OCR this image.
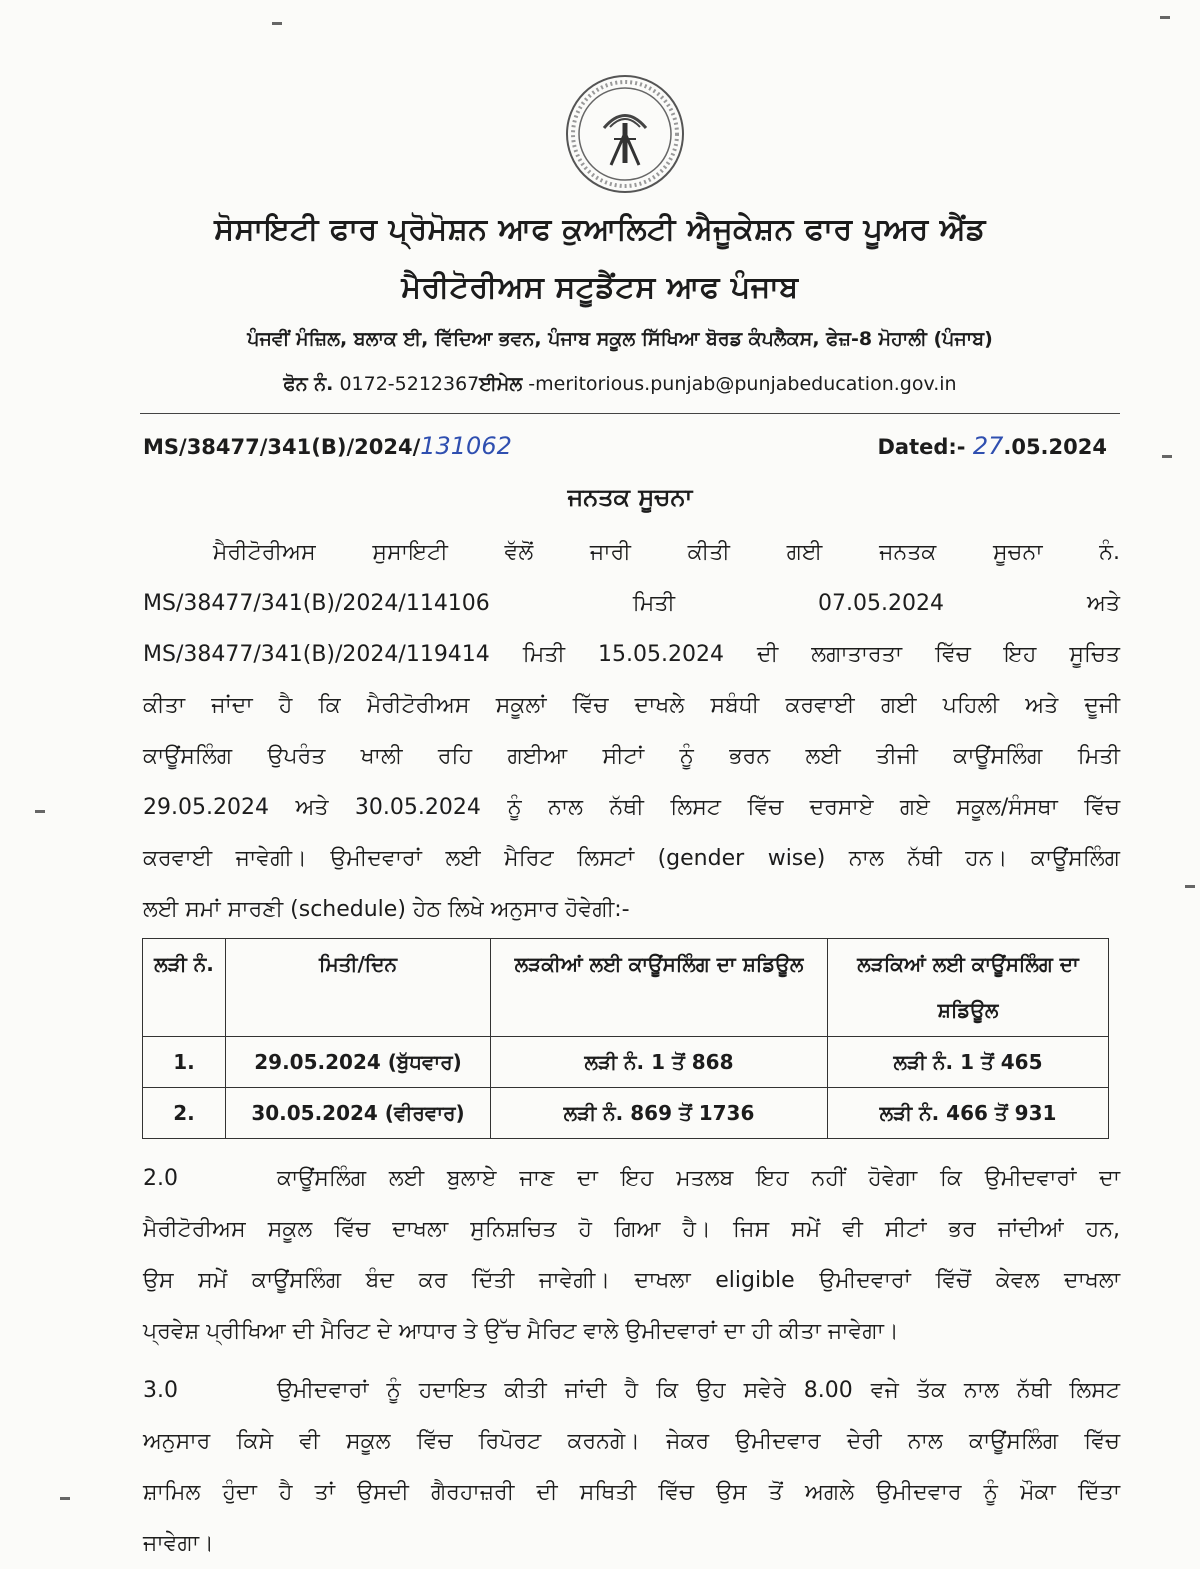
ਸੋਸਾਇਟੀ ਫਾਰ ਪ੍ਰੋਮੋਸ਼ਨ ਆਫ ਕੁਆਲਿਟੀ ਐਜੂਕੇਸ਼ਨ ਫਾਰ ਪੂਅਰ ਐਂਡ
ਮੈਰੀਟੋਰੀਅਸ ਸਟੂਡੈਂਟਸ ਆਫ ਪੰਜਾਬ
ਪੰਜਵੀਂ ਮੰਜ਼ਿਲ, ਬਲਾਕ ਈ, ਵਿੱਦਿਆ ਭਵਨ, ਪੰਜਾਬ ਸਕੂਲ ਸਿੱਖਿਆ ਬੋਰਡ ਕੰਪਲੈਕਸ, ਫੇਜ਼-8 ਮੋਹਾਲੀ (ਪੰਜਾਬ)
ਫੋਨ ਨੰ. 0172-5212367ਈਮੇਲ -meritorious.punjab@punjabeducation.gov.in
MS/38477/341(B)/2024/131062	Dated:- 27.05.2024
ਜਨਤਕ ਸੂਚਨਾ
ਮੈਰੀਟੋਰੀਅਸ ਸੁਸਾਇਟੀ ਵੱਲੋਂ ਜਾਰੀ ਕੀਤੀ ਗਈ ਜਨਤਕ ਸੂਚਨਾ ਨੰ.
MS/38477/341(B)/2024/114106 ਮਿਤੀ 07.05.2024 ਅਤੇ
MS/38477/341(B)/2024/119414 ਮਿਤੀ 15.05.2024 ਦੀ ਲਗਾਤਾਰਤਾ ਵਿੱਚ ਇਹ ਸੂਚਿਤ
ਕੀਤਾ ਜਾਂਦਾ ਹੈ ਕਿ ਮੈਰੀਟੋਰੀਅਸ ਸਕੂਲਾਂ ਵਿੱਚ ਦਾਖਲੇ ਸਬੰਧੀ ਕਰਵਾਈ ਗਈ ਪਹਿਲੀ ਅਤੇ ਦੂਜੀ
ਕਾਊਂਸਲਿੰਗ ਉਪਰੰਤ ਖਾਲੀ ਰਹਿ ਗਈਆ ਸੀਟਾਂ ਨੂੰ ਭਰਨ ਲਈ ਤੀਜੀ ਕਾਊਂਸਲਿੰਗ ਮਿਤੀ
29.05.2024 ਅਤੇ 30.05.2024 ਨੂੰ ਨਾਲ ਨੱਥੀ ਲਿਸਟ ਵਿੱਚ ਦਰਸਾਏ ਗਏ ਸਕੂਲ/ਸੰਸਥਾ ਵਿੱਚ
ਕਰਵਾਈ ਜਾਵੇਗੀ। ਉਮੀਦਵਾਰਾਂ ਲਈ ਮੈਰਿਟ ਲਿਸਟਾਂ (gender wise) ਨਾਲ ਨੱਥੀ ਹਨ। ਕਾਊਂਸਲਿੰਗ
ਲਈ ਸਮਾਂ ਸਾਰਣੀ (schedule) ਹੇਠ ਲਿਖੇ ਅਨੁਸਾਰ ਹੋਵੇਗੀ:-
ਲੜੀ ਨੰ.	ਮਿਤੀ/ਦਿਨ	ਲੜਕੀਆਂ ਲਈ ਕਾਊਂਸਲਿੰਗ ਦਾ ਸ਼ਡਿਊਲ	ਲੜਕਿਆਂ ਲਈ ਕਾਊਂਸਲਿੰਗ ਦਾ ਸ਼ਡਿਊਲ
1.	29.05.2024 (ਬੁੱਧਵਾਰ)	ਲੜੀ ਨੰ. 1 ਤੋਂ 868	ਲੜੀ ਨੰ. 1 ਤੋਂ 465
2.	30.05.2024 (ਵੀਰਵਾਰ)	ਲੜੀ ਨੰ. 869 ਤੋਂ 1736	ਲੜੀ ਨੰ. 466 ਤੋਂ 931
2.0	ਕਾਊਂਸਲਿੰਗ ਲਈ ਬੁਲਾਏ ਜਾਣ ਦਾ ਇਹ ਮਤਲਬ ਇਹ ਨਹੀਂ ਹੋਵੇਗਾ ਕਿ ਉਮੀਦਵਾਰਾਂ ਦਾ
ਮੈਰੀਟੋਰੀਅਸ ਸਕੂਲ ਵਿੱਚ ਦਾਖਲਾ ਸੁਨਿਸ਼ਚਿਤ ਹੋ ਗਿਆ ਹੈ। ਜਿਸ ਸਮੇਂ ਵੀ ਸੀਟਾਂ ਭਰ ਜਾਂਦੀਆਂ ਹਨ,
ਉਸ ਸਮੇਂ ਕਾਊਂਸਲਿੰਗ ਬੰਦ ਕਰ ਦਿੱਤੀ ਜਾਵੇਗੀ। ਦਾਖਲਾ eligible ਉਮੀਦਵਾਰਾਂ ਵਿੱਚੋਂ ਕੇਵਲ ਦਾਖਲਾ
ਪ੍ਰਵੇਸ਼ ਪ੍ਰੀਖਿਆ ਦੀ ਮੈਰਿਟ ਦੇ ਆਧਾਰ ਤੇ ਉੱਚ ਮੈਰਿਟ ਵਾਲੇ ਉਮੀਦਵਾਰਾਂ ਦਾ ਹੀ ਕੀਤਾ ਜਾਵੇਗਾ।
3.0	ਉਮੀਦਵਾਰਾਂ ਨੂੰ ਹਦਾਇਤ ਕੀਤੀ ਜਾਂਦੀ ਹੈ ਕਿ ਉਹ ਸਵੇਰੇ 8.00 ਵਜੇ ਤੱਕ ਨਾਲ ਨੱਥੀ ਲਿਸਟ
ਅਨੁਸਾਰ ਕਿਸੇ ਵੀ ਸਕੂਲ ਵਿੱਚ ਰਿਪੋਰਟ ਕਰਨਗੇ। ਜੇਕਰ ਉਮੀਦਵਾਰ ਦੇਰੀ ਨਾਲ ਕਾਊਂਸਲਿੰਗ ਵਿੱਚ
ਸ਼ਾਮਿਲ ਹੁੰਦਾ ਹੈ ਤਾਂ ਉਸਦੀ ਗੈਰਹਾਜ਼ਰੀ ਦੀ ਸਥਿਤੀ ਵਿੱਚ ਉਸ ਤੋਂ ਅਗਲੇ ਉਮੀਦਵਾਰ ਨੂੰ ਮੌਕਾ ਦਿੱਤਾ
ਜਾਵੇਗਾ।
